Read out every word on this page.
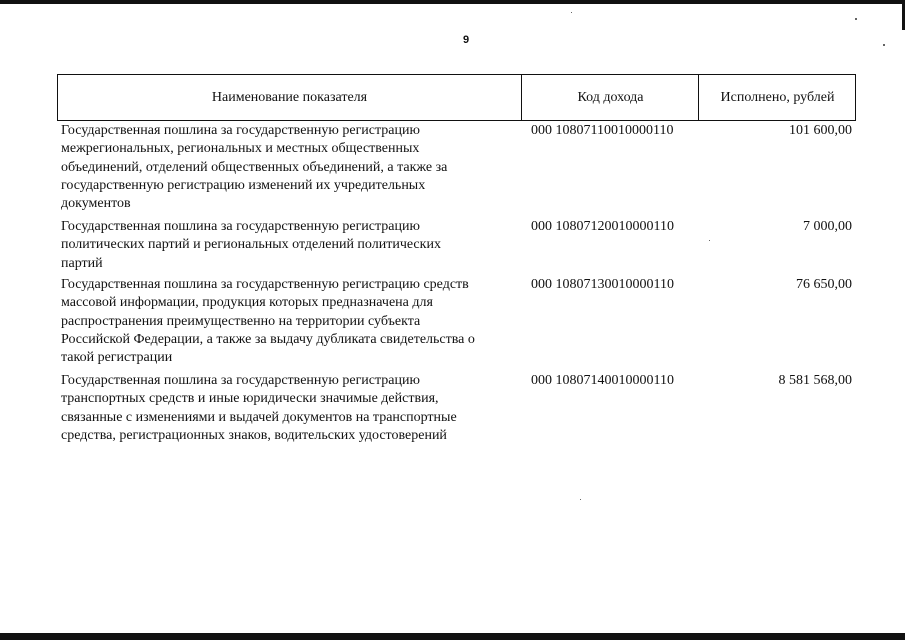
9
Наименование показателя	Код дохода	Исполнено, рублей
Государственная пошлина за государственную регистрацию
межрегиональных, региональных и местных общественных
объединений, отделений общественных объединений, а также за
государственную регистрацию изменений их учредительных
документов
000 10807110010000110	101 600,00
Государственная пошлина за государственную регистрацию
политических партий и региональных отделений политических
партий
000 10807120010000110	7 000,00
Государственная пошлина за государственную регистрацию средств
массовой информации, продукция которых предназначена для
распространения преимущественно на территории субъекта
Российской Федерации, а также за выдачу дубликата свидетельства о
такой регистрации
000 10807130010000110	76 650,00
Государственная пошлина за государственную регистрацию
транспортных средств и иные юридически значимые действия,
связанные с изменениями и выдачей документов на транспортные
средства, регистрационных знаков, водительских удостоверений
000 10807140010000110	8 581 568,00
